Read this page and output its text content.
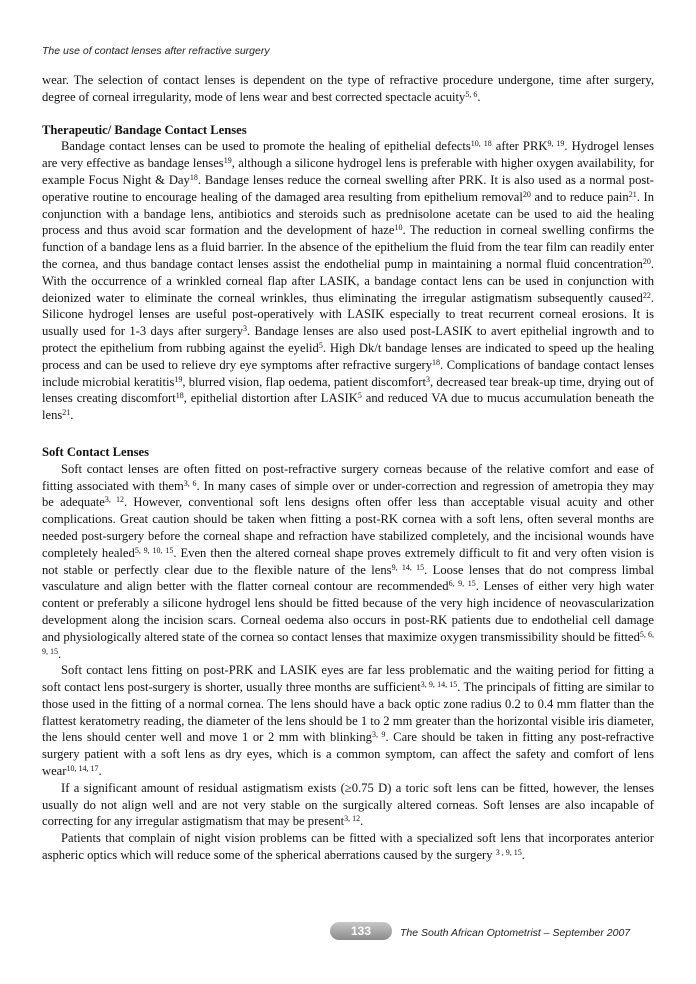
The use of contact lenses after refractive surgery

wear. The selection of contact lenses is dependent on the type of refractive procedure undergone, time after surgery, degree of corneal irregularity, mode of lens wear and best corrected spectacle acuity$^{5, 6}$.

Therapeutic/ Bandage Contact Lenses

Bandage contact lenses can be used to promote the healing of epithelial defects$^{10, 18}$ after PRK$^{9, 19}$. Hydrogel lenses are very effective as bandage lenses$^{19}$, although a silicone hydrogel lens is preferable with higher oxygen availability, for example Focus Night & Day$^{18}$. Bandage lenses reduce the corneal swelling after PRK. It is also used as a normal post-operative routine to encourage healing of the damaged area resulting from epithelium removal$^{20}$ and to reduce pain$^{21}$. In conjunction with a bandage lens, antibiotics and steroids such as prednisolone acetate can be used to aid the healing process and thus avoid scar formation and the development of haze$^{10}$. The reduction in corneal swelling confirms the function of a bandage lens as a fluid barrier. In the absence of the epithelium the fluid from the tear film can readily enter the cornea, and thus bandage contact lenses assist the endothelial pump in maintaining a normal fluid concentration$^{20}$. With the occurrence of a wrinkled corneal flap after LASIK, a bandage contact lens can be used in conjunction with deionized water to eliminate the corneal wrinkles, thus eliminating the irregular astigmatism subsequently caused$^{22}$. Silicone hydrogel lenses are useful post-operatively with LASIK especially to treat recurrent corneal erosions. It is usually used for 1-3 days after surgery$^3$. Bandage lenses are also used post-LASIK to avert epithelial ingrowth and to protect the epithelium from rubbing against the eyelid$^5$. High Dk/t bandage lenses are indicated to speed up the healing process and can be used to relieve dry eye symptoms after refractive surgery$^{18}$. Complications of bandage contact lenses include microbial keratitis$^{19}$, blurred vision, flap oedema, patient discomfort$^3$, decreased tear break-up time, drying out of lenses creating discomfort$^{18}$, epithelial distortion after LASIK$^5$ and reduced VA due to mucus accumulation beneath the lens$^{21}$.

Soft Contact Lenses

Soft contact lenses are often fitted on post-refractive surgery corneas because of the relative comfort and ease of fitting associated with them$^{3, 6}$. In many cases of simple over or under-correction and regression of ametropia they may be adequate$^{3, 12}$. However, conventional soft lens designs often offer less than acceptable visual acuity and other complications. Great caution should be taken when fitting a post-RK cornea with a soft lens, often several months are needed post-surgery before the corneal shape and refraction have stabilized completely, and the incisional wounds have completely healed$^{5, 9, 10, 15}$. Even then the altered corneal shape proves extremely difficult to fit and very often vision is not stable or perfectly clear due to the flexible nature of the lens$^{9, 14, 15}$. Loose lenses that do not compress limbal vasculature and align better with the flatter corneal contour are recommended$^{6, 9, 15}$. Lenses of either very high water content or preferably a silicone hydrogel lens should be fitted because of the very high incidence of neovascularization development along the incision scars. Corneal oedema also occurs in post-RK patients due to endothelial cell damage and physiologically altered state of the cornea so contact lenses that maximize oxygen transmissibility should be fitted$^{5, 6, 9, 15}$.

Soft contact lens fitting on post-PRK and LASIK eyes are far less problematic and the waiting period for fitting a soft contact lens post-surgery is shorter, usually three months are sufficient$^{3, 9, 14, 15}$. The principals of fitting are similar to those used in the fitting of a normal cornea. The lens should have a back optic zone radius 0.2 to 0.4 mm flatter than the flattest keratometry reading, the diameter of the lens should be 1 to 2 mm greater than the horizontal visible iris diameter, the lens should center well and move 1 or 2 mm with blinking$^{3, 9}$. Care should be taken in fitting any post-refractive surgery patient with a soft lens as dry eyes, which is a common symptom, can affect the safety and comfort of lens wear$^{10, 14, 17}$.

If a significant amount of residual astigmatism exists (≥0.75 D) a toric soft lens can be fitted, however, the lenses usually do not align well and are not very stable on the surgically altered corneas. Soft lenses are also incapable of correcting for any irregular astigmatism that may be present$^{3, 12}$.

Patients that complain of night vision problems can be fitted with a specialized soft lens that incorporates anterior aspheric optics which will reduce some of the spherical aberrations caused by the surgery $^{3 , 9, 15}$.

133	The South African Optometrist – September 2007
